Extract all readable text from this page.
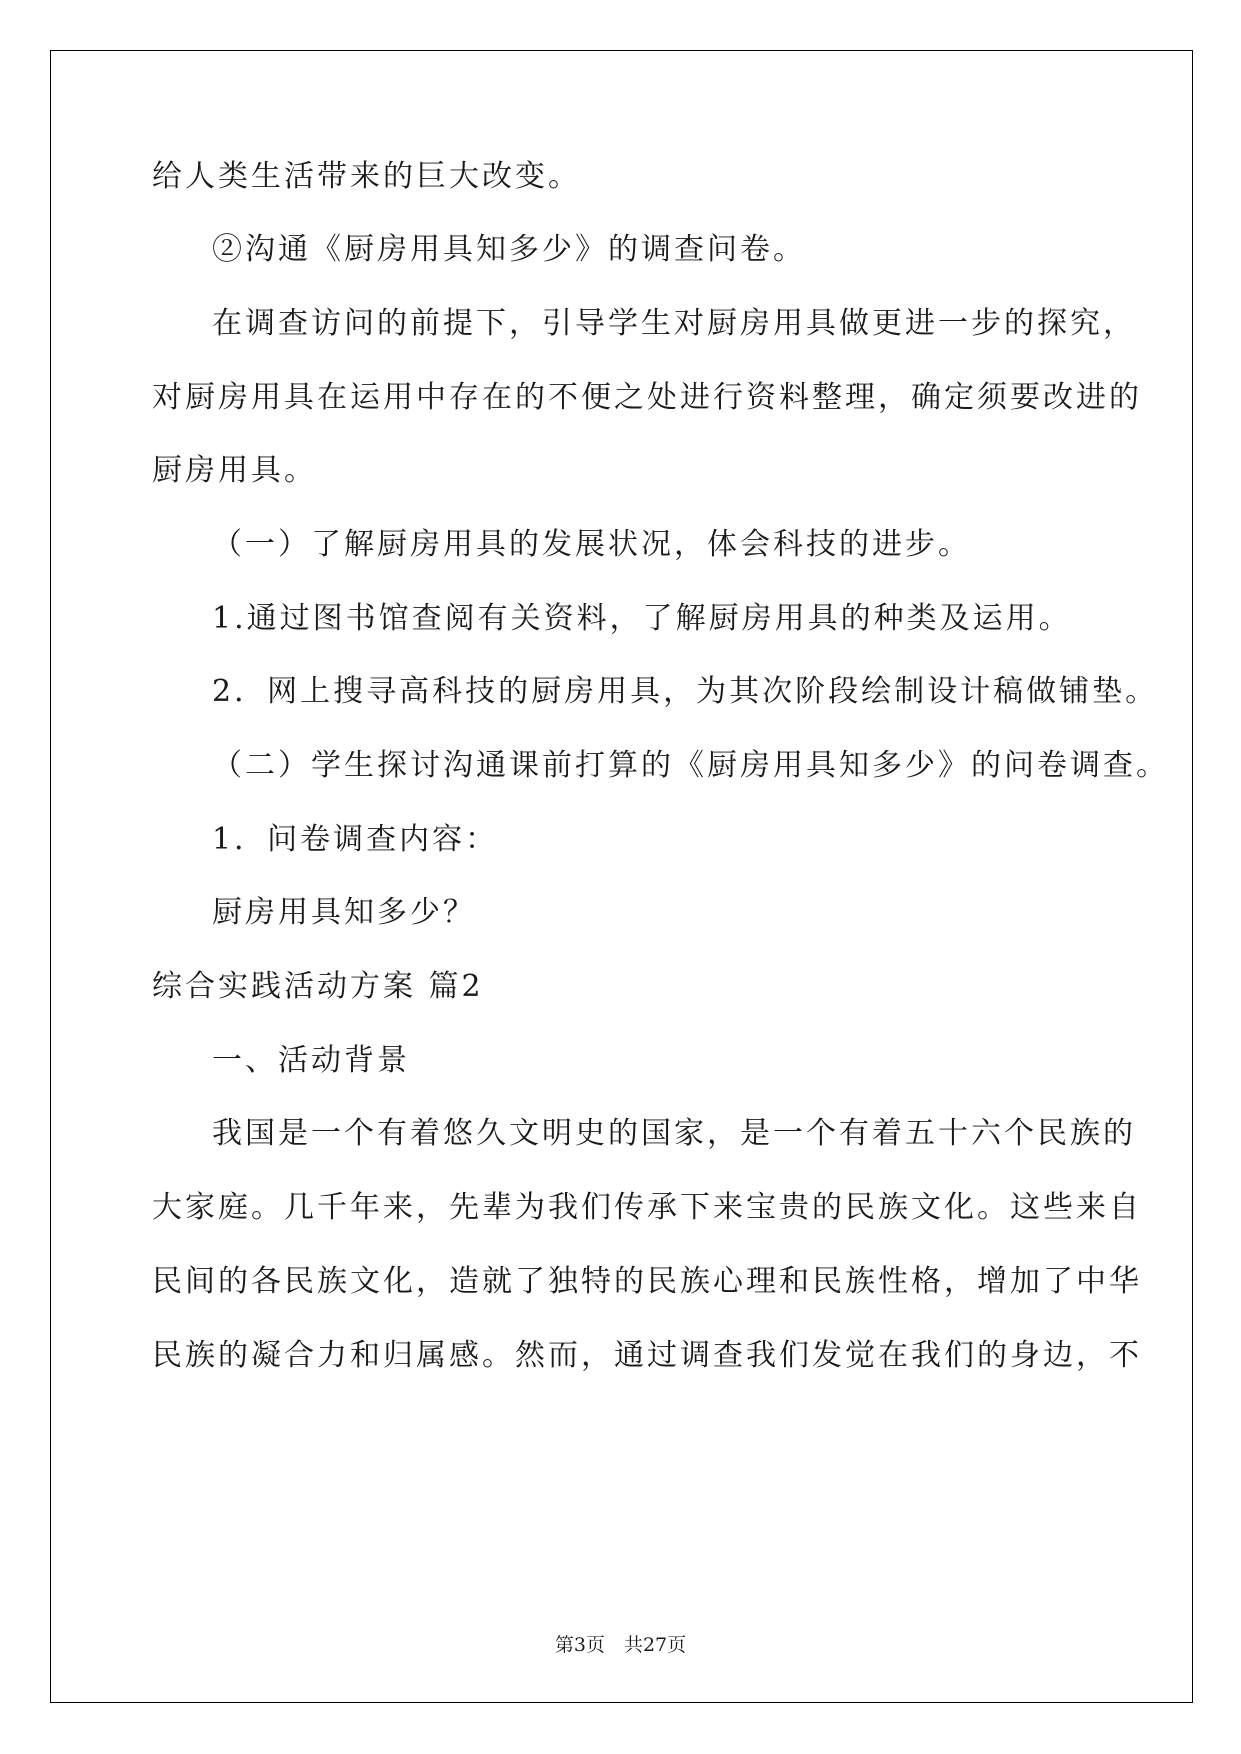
给人类生活带来的巨大改变。
②沟通《厨房用具知多少》的调查问卷。
在调查访问的前提下，引导学生对厨房用具做更进一步的探究，
对厨房用具在运用中存在的不便之处进行资料整理，确定须要改进的
厨房用具。
（一）了解厨房用具的发展状况，体会科技的进步。
1.通过图书馆查阅有关资料，了解厨房用具的种类及运用。
2．网上搜寻高科技的厨房用具，为其次阶段绘制设计稿做铺垫。
（二）学生探讨沟通课前打算的《厨房用具知多少》的问卷调查。
1．问卷调查内容：
厨房用具知多少？
综合实践活动方案 篇2
一、活动背景
我国是一个有着悠久文明史的国家，是一个有着五十六个民族的
大家庭。几千年来，先辈为我们传承下来宝贵的民族文化。这些来自
民间的各民族文化，造就了独特的民族心理和民族性格，增加了中华
民族的凝合力和归属感。然而，通过调查我们发觉在我们的身边，不
第3页　共27页
